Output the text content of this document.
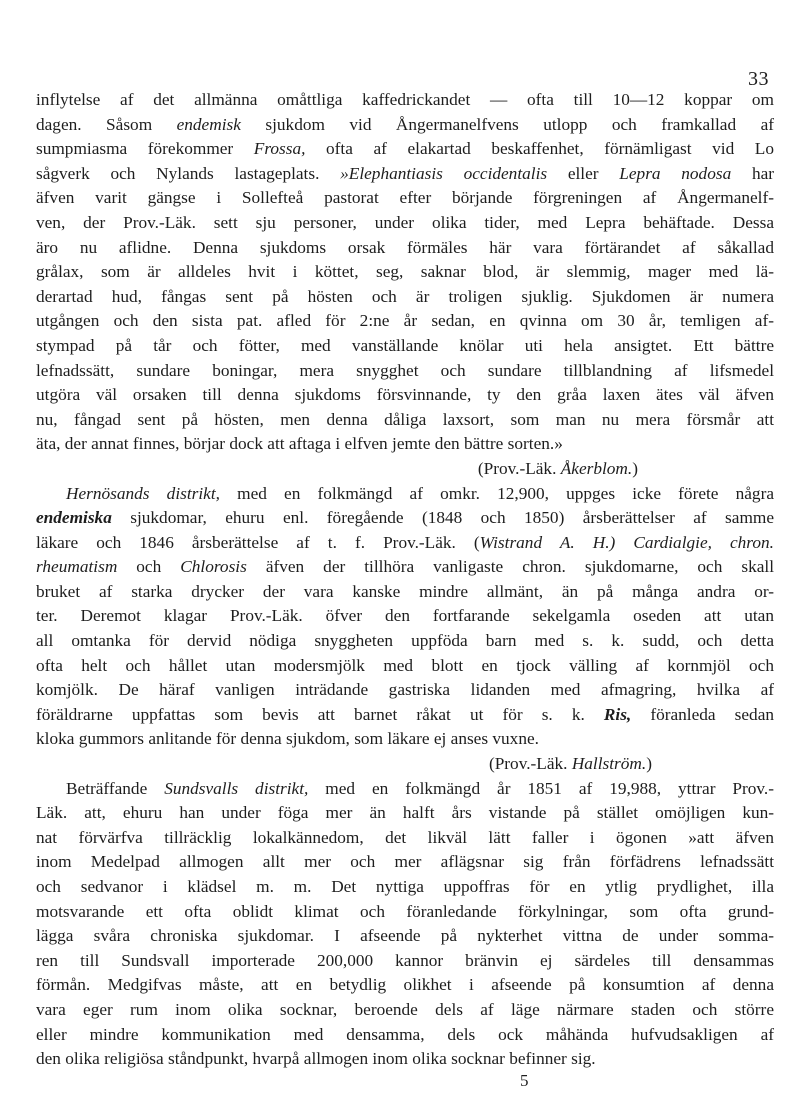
33
inflytelse af det allmänna omåttliga kaffedrickandet — ofta till 10—12 koppar om
dagen. Såsom endemisk sjukdom vid Ångermanelfvens utlopp och framkallad af
sumpmiasma förekommer Frossa, ofta af elakartad beskaffenhet, förnämligast vid Lo
sågverk och Nylands lastageplats. »Elephantiasis occidentalis eller Lepra nodosa har
äfven varit gängse i Sollefteå pastorat efter börjande förgreningen af Ångermanelf-
ven, der Prov.-Läk. sett sju personer, under olika tider, med Lepra behäftade. Dessa
äro nu aflidne. Denna sjukdoms orsak förmäles här vara förtärandet af såkallad
grålax, som är alldeles hvit i köttet, seg, saknar blod, är slemmig, mager med lä-
derartad hud, fångas sent på hösten och är troligen sjuklig. Sjukdomen är numera
utgången och den sista pat. afled för 2:ne år sedan, en qvinna om 30 år, temligen af-
stympad på tår och fötter, med vanställande knölar uti hela ansigtet. Ett bättre
lefnadssätt, sundare boningar, mera snygghet och sundare tillblandning af lifsmedel
utgöra väl orsaken till denna sjukdoms försvinnande, ty den gråa laxen ätes väl äfven
nu, fångad sent på hösten, men denna dåliga laxsort, som man nu mera försmår att
äta, der annat finnes, börjar dock att aftaga i elfven jemte den bättre sorten.»
(Prov.-Läk. Åkerblom.)
Hernösands distrikt, med en folkmängd af omkr. 12,900, uppges icke förete några
endemiska sjukdomar, ehuru enl. föregående (1848 och 1850) årsberättelser af samme
läkare och 1846 årsberättelse af t. f. Prov.-Läk. (Wistrand A. H.) Cardialgie, chron.
rheumatism och Chlorosis äfven der tillhöra vanligaste chron. sjukdomarne, och skall
bruket af starka drycker der vara kanske mindre allmänt, än på många andra or-
ter. Deremot klagar Prov.-Läk. öfver den fortfarande sekelgamla oseden att utan
all omtanka för dervid nödiga snyggheten uppföda barn med s. k. sudd, och detta
ofta helt och hållet utan modersmjölk med blott en tjock välling af kornmjöl och
komjölk. De häraf vanligen inträdande gastriska lidanden med afmagring, hvilka af
föräldrarne uppfattas som bevis att barnet råkat ut för s. k. Ris, föranleda sedan
kloka gummors anlitande för denna sjukdom, som läkare ej anses vuxne.
(Prov.-Läk. Hallström.)
Beträffande Sundsvalls distrikt, med en folkmängd år 1851 af 19,988, yttrar Prov.-
Läk. att, ehuru han under föga mer än halft års vistande på stället omöjligen kun-
nat förvärfva tillräcklig lokalkännedom, det likväl lätt faller i ögonen »att äfven
inom Medelpad allmogen allt mer och mer aflägsnar sig från förfädrens lefnadssätt
och sedvanor i klädsel m. m. Det nyttiga uppoffras för en ytlig prydlighet, illa
motsvarande ett ofta oblidt klimat och föranledande förkylningar, som ofta grund-
lägga svåra chroniska sjukdomar. I afseende på nykterhet vittna de under somma-
ren till Sundsvall importerade 200,000 kannor bränvin ej särdeles till densammas
förmån. Medgifvas måste, att en betydlig olikhet i afseende på konsumtion af denna
vara eger rum inom olika socknar, beroende dels af läge närmare staden och större
eller mindre kommunikation med densamma, dels ock måhända hufvudsakligen af
den olika religiösa ståndpunkt, hvarpå allmogen inom olika socknar befinner sig.
5
